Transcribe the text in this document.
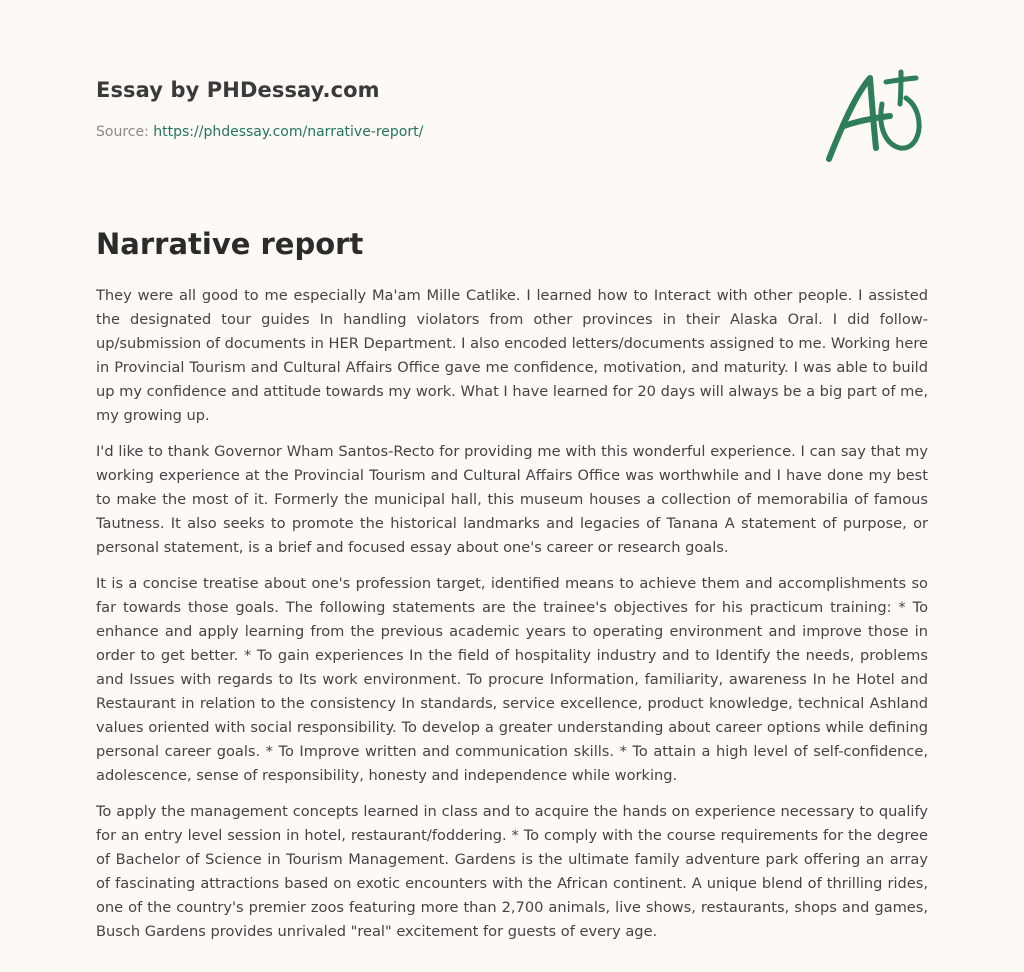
Essay by PHDessay.com
Source: https://phdessay.com/narrative-report/
Narrative report

They were all good to me especially Ma'am Mille Catlike. I learned how to Interact with other people. I assisted the designated tour guides In handling violators from other provinces in their Alaska Oral. I did follow-up/submission of documents in HER Department. I also encoded letters/documents assigned to me. Working here in Provincial Tourism and Cultural Affairs Office gave me confidence, motivation, and maturity. I was able to build up my confidence and attitude towards my work. What I have learned for 20 days will always be a big part of me, my growing up.

I'd like to thank Governor Wham Santos-Recto for providing me with this wonderful experience. I can say that my working experience at the Provincial Tourism and Cultural Affairs Office was worthwhile and I have done my best to make the most of it. Formerly the municipal hall, this museum houses a collection of memorabilia of famous Tautness. It also seeks to promote the historical landmarks and legacies of Tanana A statement of purpose, or personal statement, is a brief and focused essay about one's career or research goals.

It is a concise treatise about one's profession target, identified means to achieve them and accomplishments so far towards those goals. The following statements are the trainee's objectives for his practicum training: * To enhance and apply learning from the previous academic years to operating environment and improve those in order to get better. * To gain experiences In the field of hospitality industry and to Identify the needs, problems and Issues with regards to Its work environment. To procure Information, familiarity, awareness In he Hotel and Restaurant in relation to the consistency In standards, service excellence, product knowledge, technical Ashland values oriented with social responsibility. To develop a greater understanding about career options while defining personal career goals. * To Improve written and communication skills. * To attain a high level of self-confidence, adolescence, sense of responsibility, honesty and independence while working.

To apply the management concepts learned in class and to acquire the hands on experience necessary to qualify for an entry level session in hotel, restaurant/foddering. * To comply with the course requirements for the degree of Bachelor of Science in Tourism Management. Gardens is the ultimate family adventure park offering an array of fascinating attractions based on exotic encounters with the African continent. A unique blend of thrilling rides, one of the country's premier zoos featuring more than 2,700 animals, live shows, restaurants, shops and games, Busch Gardens provides unrivaled "real" excitement for guests of every age.
